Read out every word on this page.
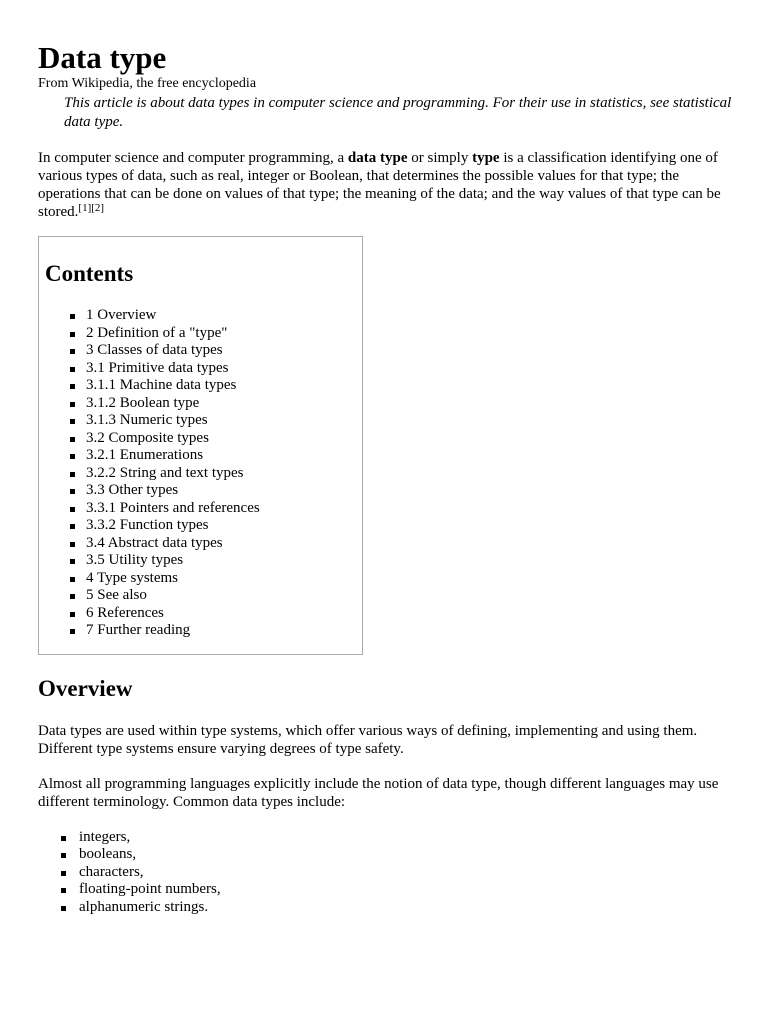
Data type
From Wikipedia, the free encyclopedia
This article is about data types in computer science and programming. For their use in statistics, see statistical data type.

In computer science and computer programming, a data type or simply type is a classification identifying one of various types of data, such as real, integer or Boolean, that determines the possible values for that type; the operations that can be done on values of that type; the meaning of the data; and the way values of that type can be stored.[1][2]

Contents
1 Overview
2 Definition of a "type"
3 Classes of data types
3.1 Primitive data types
3.1.1 Machine data types
3.1.2 Boolean type
3.1.3 Numeric types
3.2 Composite types
3.2.1 Enumerations
3.2.2 String and text types
3.3 Other types
3.3.1 Pointers and references
3.3.2 Function types
3.4 Abstract data types
3.5 Utility types
4 Type systems
5 See also
6 References
7 Further reading
Overview

Data types are used within type systems, which offer various ways of defining, implementing and using them. Different type systems ensure varying degrees of type safety.

Almost all programming languages explicitly include the notion of data type, though different languages may use different terminology. Common data types include:

integers,
booleans,
characters,
floating-point numbers,
alphanumeric strings.
